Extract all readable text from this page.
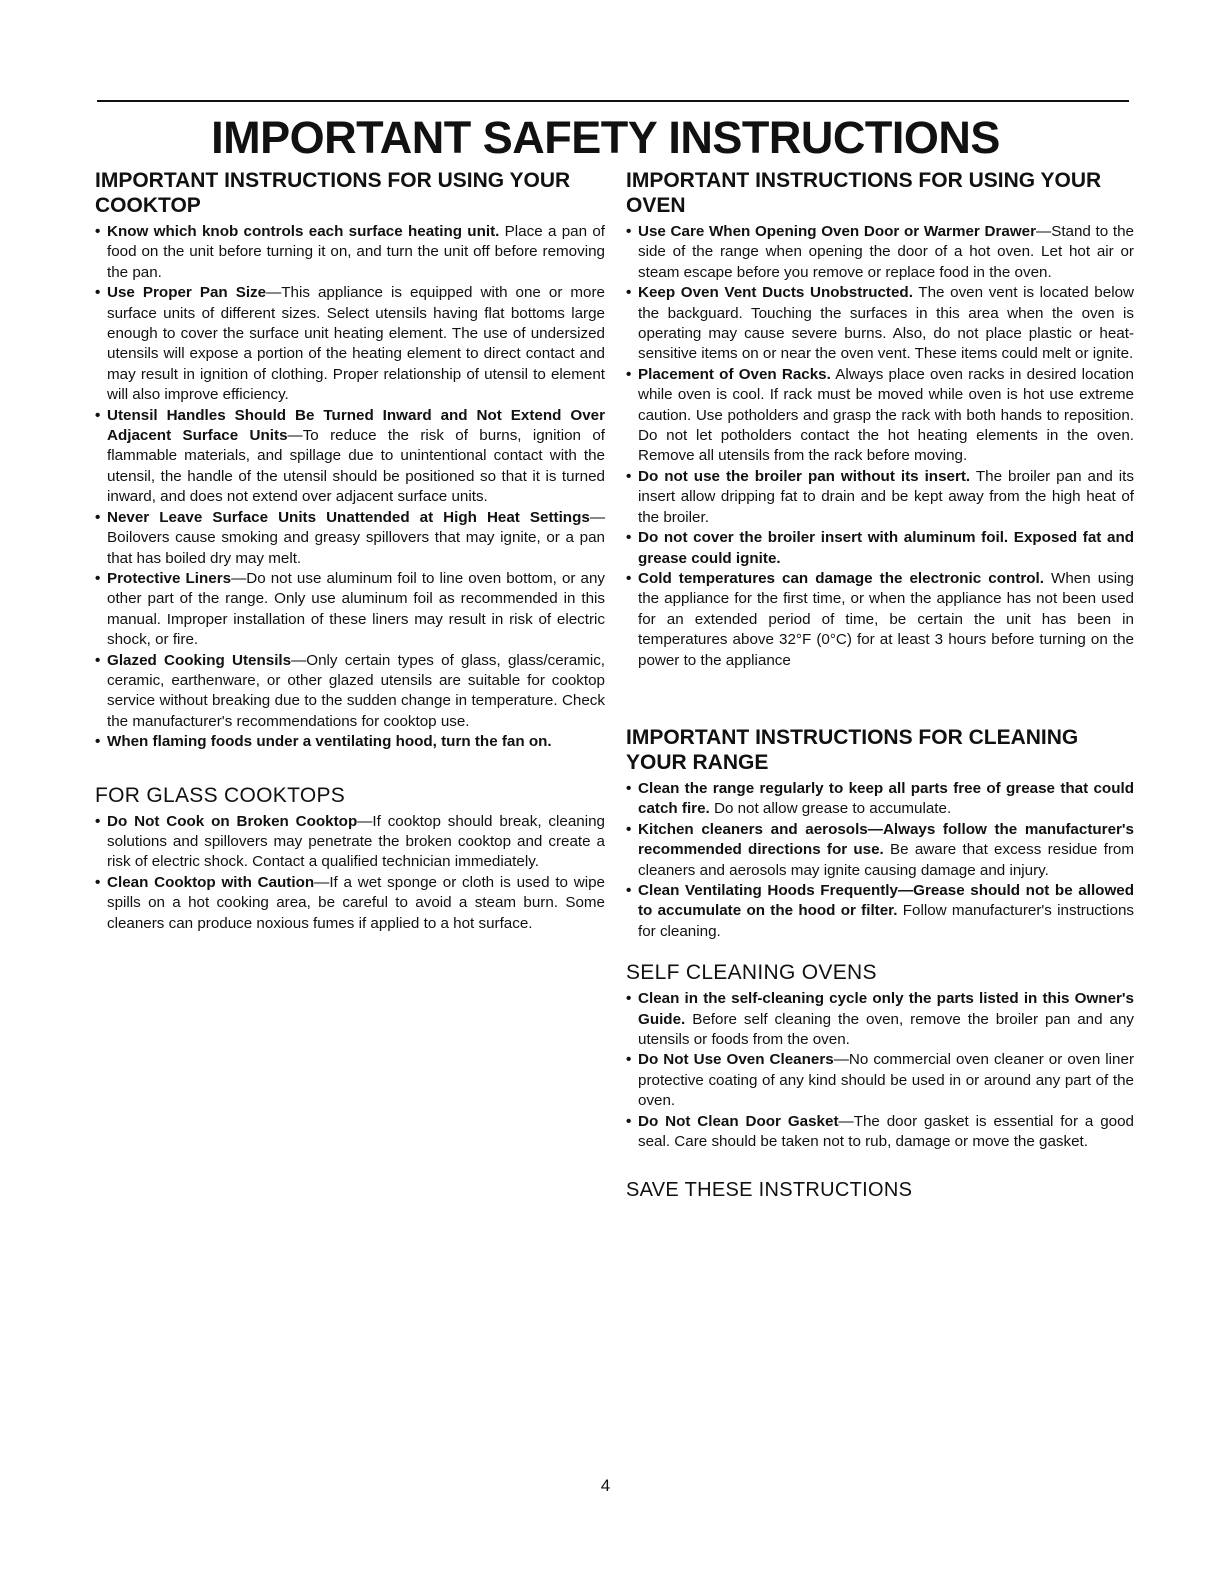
IMPORTANT SAFETY INSTRUCTIONS
IMPORTANT INSTRUCTIONS FOR USING YOUR COOKTOP
• Know which knob controls each surface heating unit. Place a pan of food on the unit before turning it on, and turn the unit off before removing the pan.
• Use Proper Pan Size—This appliance is equipped with one or more surface units of different sizes. Select utensils having flat bottoms large enough to cover the surface unit heating element. The use of undersized utensils will expose a portion of the heating element to direct contact and may result in ignition of clothing. Proper relationship of utensil to element will also improve efficiency.
• Utensil Handles Should Be Turned Inward and Not Extend Over Adjacent Surface Units—To reduce the risk of burns, ignition of flammable materials, and spillage due to unintentional contact with the utensil, the handle of the utensil should be positioned so that it is turned inward, and does not extend over adjacent surface units.
• Never Leave Surface Units Unattended at High Heat Settings—Boilovers cause smoking and greasy spillovers that may ignite, or a pan that has boiled dry may melt.
• Protective Liners—Do not use aluminum foil to line oven bottom, or any other part of the range. Only use aluminum foil as recommended in this manual. Improper installation of these liners may result in risk of electric shock, or fire.
• Glazed Cooking Utensils—Only certain types of glass, glass/ceramic, ceramic, earthenware, or other glazed utensils are suitable for cooktop service without breaking due to the sudden change in temperature. Check the manufacturer's recommendations for cooktop use.
• When flaming foods under a ventilating hood, turn the fan on.
FOR GLASS COOKTOPS
• Do Not Cook on Broken Cooktop—If cooktop should break, cleaning solutions and spillovers may penetrate the broken cooktop and create a risk of electric shock. Contact a qualified technician immediately.
• Clean Cooktop with Caution—If a wet sponge or cloth is used to wipe spills on a hot cooking area, be careful to avoid a steam burn. Some cleaners can produce noxious fumes if applied to a hot surface.
IMPORTANT INSTRUCTIONS FOR USING YOUR OVEN
• Use Care When Opening Oven Door or Warmer Drawer—Stand to the side of the range when opening the door of a hot oven. Let hot air or steam escape before you remove or replace food in the oven.
• Keep Oven Vent Ducts Unobstructed. The oven vent is located below the backguard. Touching the surfaces in this area when the oven is operating may cause severe burns. Also, do not place plastic or heat-sensitive items on or near the oven vent. These items could melt or ignite.
• Placement of Oven Racks. Always place oven racks in desired location while oven is cool. If rack must be moved while oven is hot use extreme caution. Use potholders and grasp the rack with both hands to reposition. Do not let potholders contact the hot heating elements in the oven. Remove all utensils from the rack before moving.
• Do not use the broiler pan without its insert. The broiler pan and its insert allow dripping fat to drain and be kept away from the high heat of the broiler.
• Do not cover the broiler insert with aluminum foil. Exposed fat and grease could ignite.
• Cold temperatures can damage the electronic control. When using the appliance for the first time, or when the appliance has not been used for an extended period of time, be certain the unit has been in temperatures above 32°F (0°C) for at least 3 hours before turning on the power to the appliance
IMPORTANT INSTRUCTIONS FOR CLEANING YOUR RANGE
• Clean the range regularly to keep all parts free of grease that could catch fire. Do not allow grease to accumulate.
• Kitchen cleaners and aerosols—Always follow the manufacturer's recommended directions for use. Be aware that excess residue from cleaners and aerosols may ignite causing damage and injury.
• Clean Ventilating Hoods Frequently—Grease should not be allowed to accumulate on the hood or filter. Follow manufacturer's instructions for cleaning.
SELF CLEANING OVENS
• Clean in the self-cleaning cycle only the parts listed in this Owner's Guide. Before self cleaning the oven, remove the broiler pan and any utensils or foods from the oven.
• Do Not Use Oven Cleaners—No commercial oven cleaner or oven liner protective coating of any kind should be used in or around any part of the oven.
• Do Not Clean Door Gasket—The door gasket is essential for a good seal. Care should be taken not to rub, damage or move the gasket.
SAVE THESE INSTRUCTIONS
4
